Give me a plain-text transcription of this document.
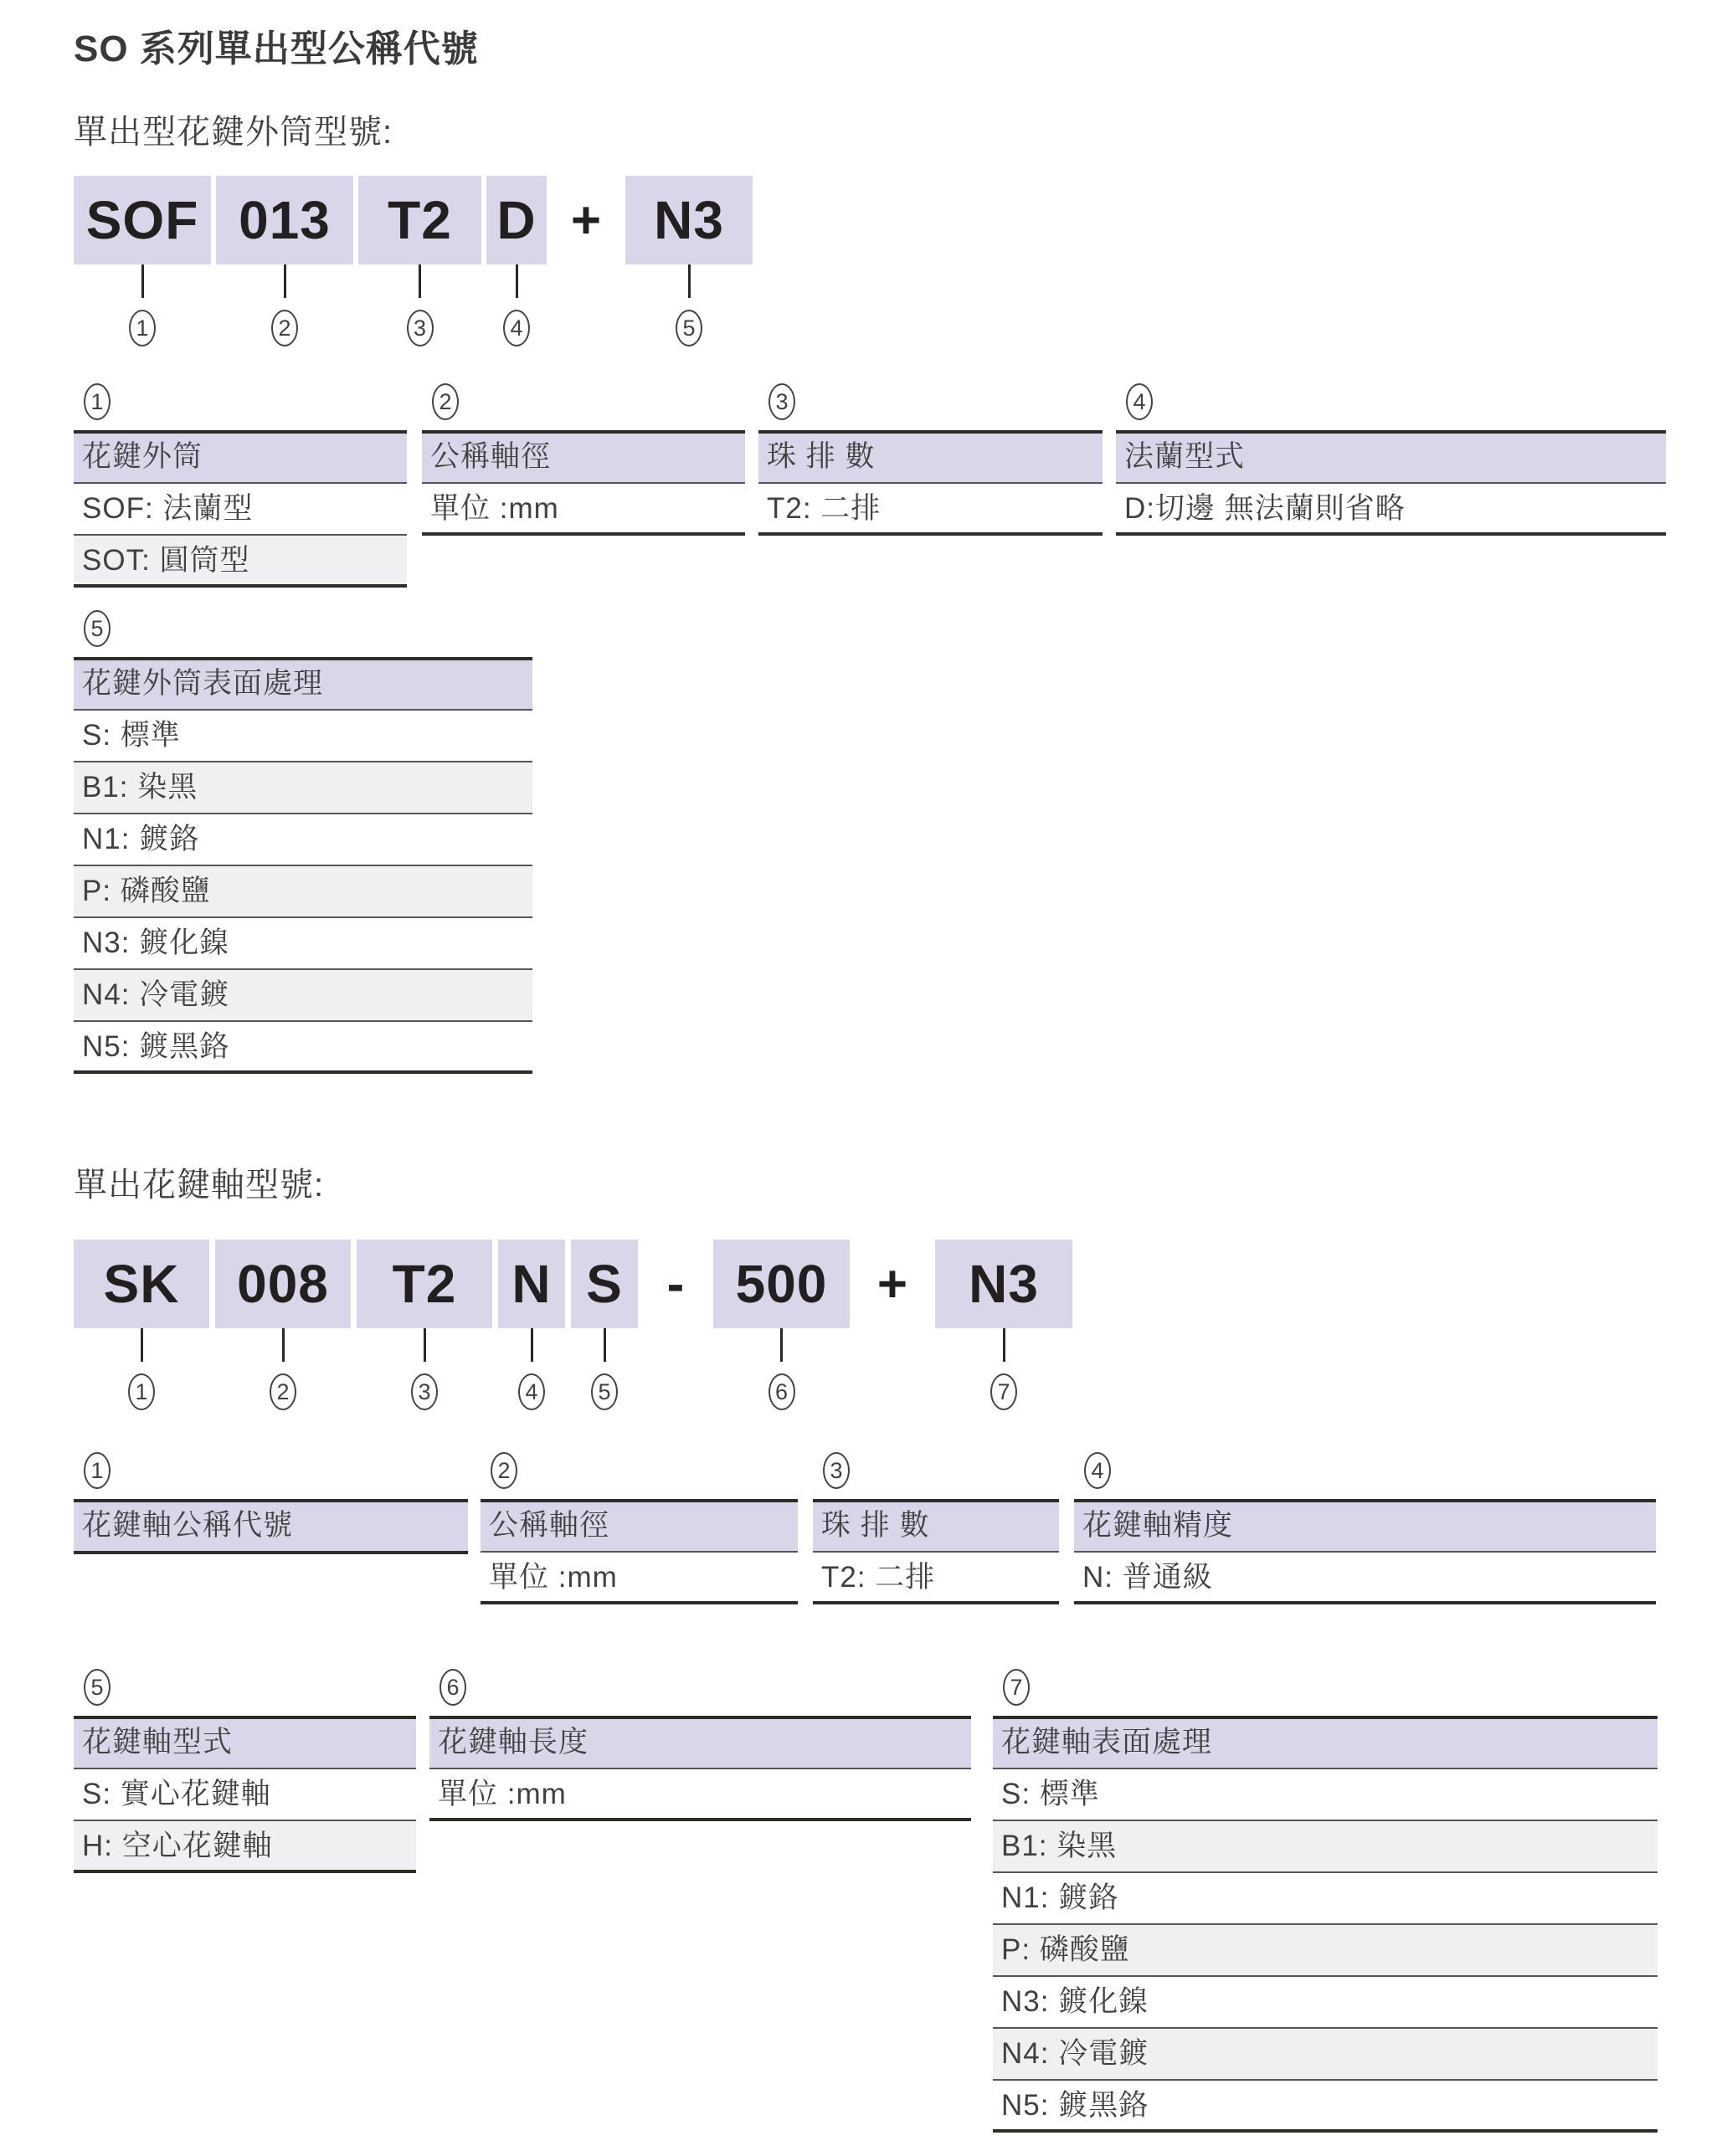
SO 系列單出型公稱代號
單出型花鍵外筒型號:
SOF
1
013
2
T2
3
D
4
+ N3
5
1
花鍵外筒
SOF: 法蘭型
SOT: 圓筒型
2
公稱軸徑
單位 :mm
3
珠 排 數
T2: 二排
4
法蘭型式
D:切邊 無法蘭則省略
5
花鍵外筒表面處理
S: 標準
B1: 染黑
N1: 鍍鉻
P: 磷酸鹽
N3: 鍍化鎳
N4: 冷電鍍
N5: 鍍黑鉻
單出花鍵軸型號:
SK
1
008
2
T2
3
N
4
S
5
- 500
6
+	N3
7
1
花鍵軸公稱代號
2
公稱軸徑
單位 :mm
3
珠 排 數
T2: 二排
4
花鍵軸精度
N: 普通級
5
花鍵軸型式
S: 實心花鍵軸
H: 空心花鍵軸
6
花鍵軸長度
單位 :mm
7
花鍵軸表面處理
S: 標準
B1: 染黑
N1: 鍍鉻
P: 磷酸鹽
N3: 鍍化鎳
N4: 冷電鍍
N5: 鍍黑鉻
